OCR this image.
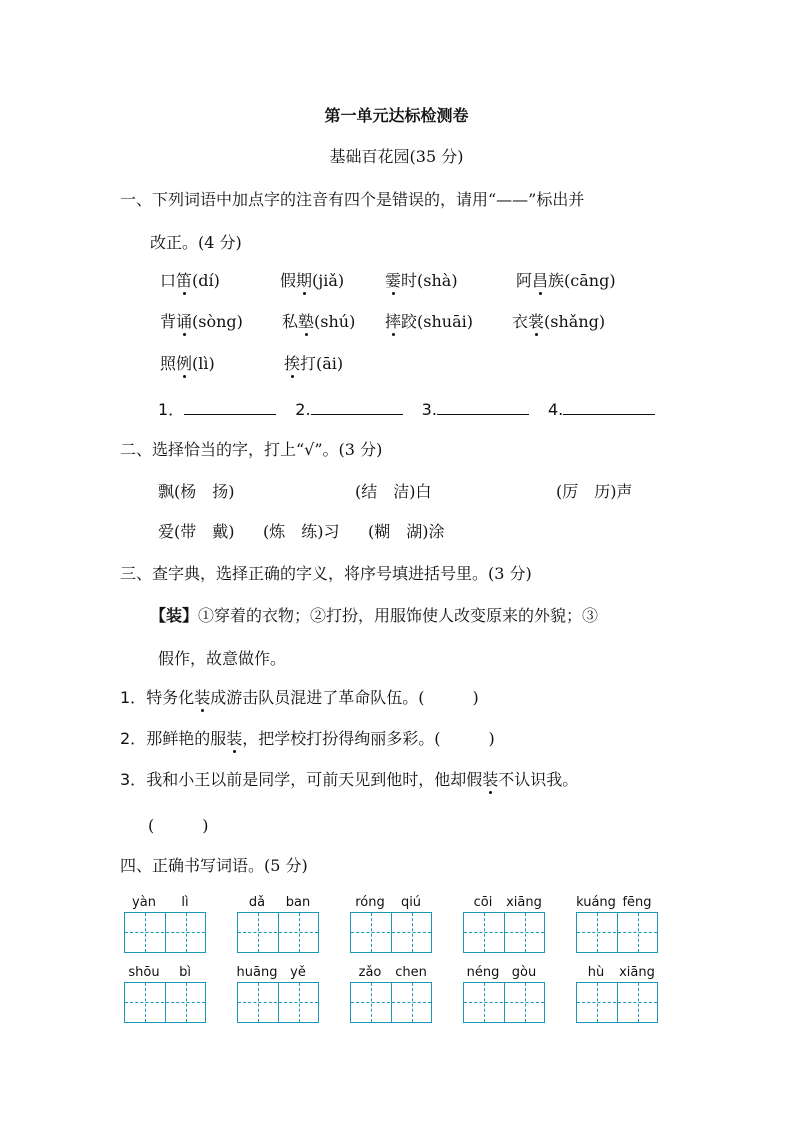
第一单元达标检测卷
基础百花园(35 分)
一、下列词语中加点字的注音有四个是错误的，请用“——”标出并
改正。(4 分)
口笛(dí)	假期(jiǎ)	霎时(shà)	阿昌族(cāng)
背诵(sòng) 私塾(shú) 摔跤(shuāi) 衣裳(shǎng)
照例(lì)	挨打(āi)
1．	2.	3.	4.
二、选择恰当的字，打上“√”。(3 分)
飘(杨　扬)	(结　洁)白	(厉　历)声
爱(带　戴) (炼　练)习 (糊　湖)涂
三、查字典，选择正确的字义，将序号填进括号里。(3 分)
【装】①穿着的衣物；②打扮，用服饰使人改变原来的外貌；③
假作，故意做作。
1．特务化装成游击队员混进了革命队伍。(　　　)
2．那鲜艳的服装，把学校打扮得绚丽多彩。(　　　)
3．我和小王以前是同学，可前天见到他时，他却假装不认识我。
(　　　)
四、正确书写词语。(5 分)
yàn lì	dǎ ban	róng qiú	cōi xiāng	kuáng fēng
shōu bì	huāng yě	zǎo chen	néng gòu	hù xiāng
